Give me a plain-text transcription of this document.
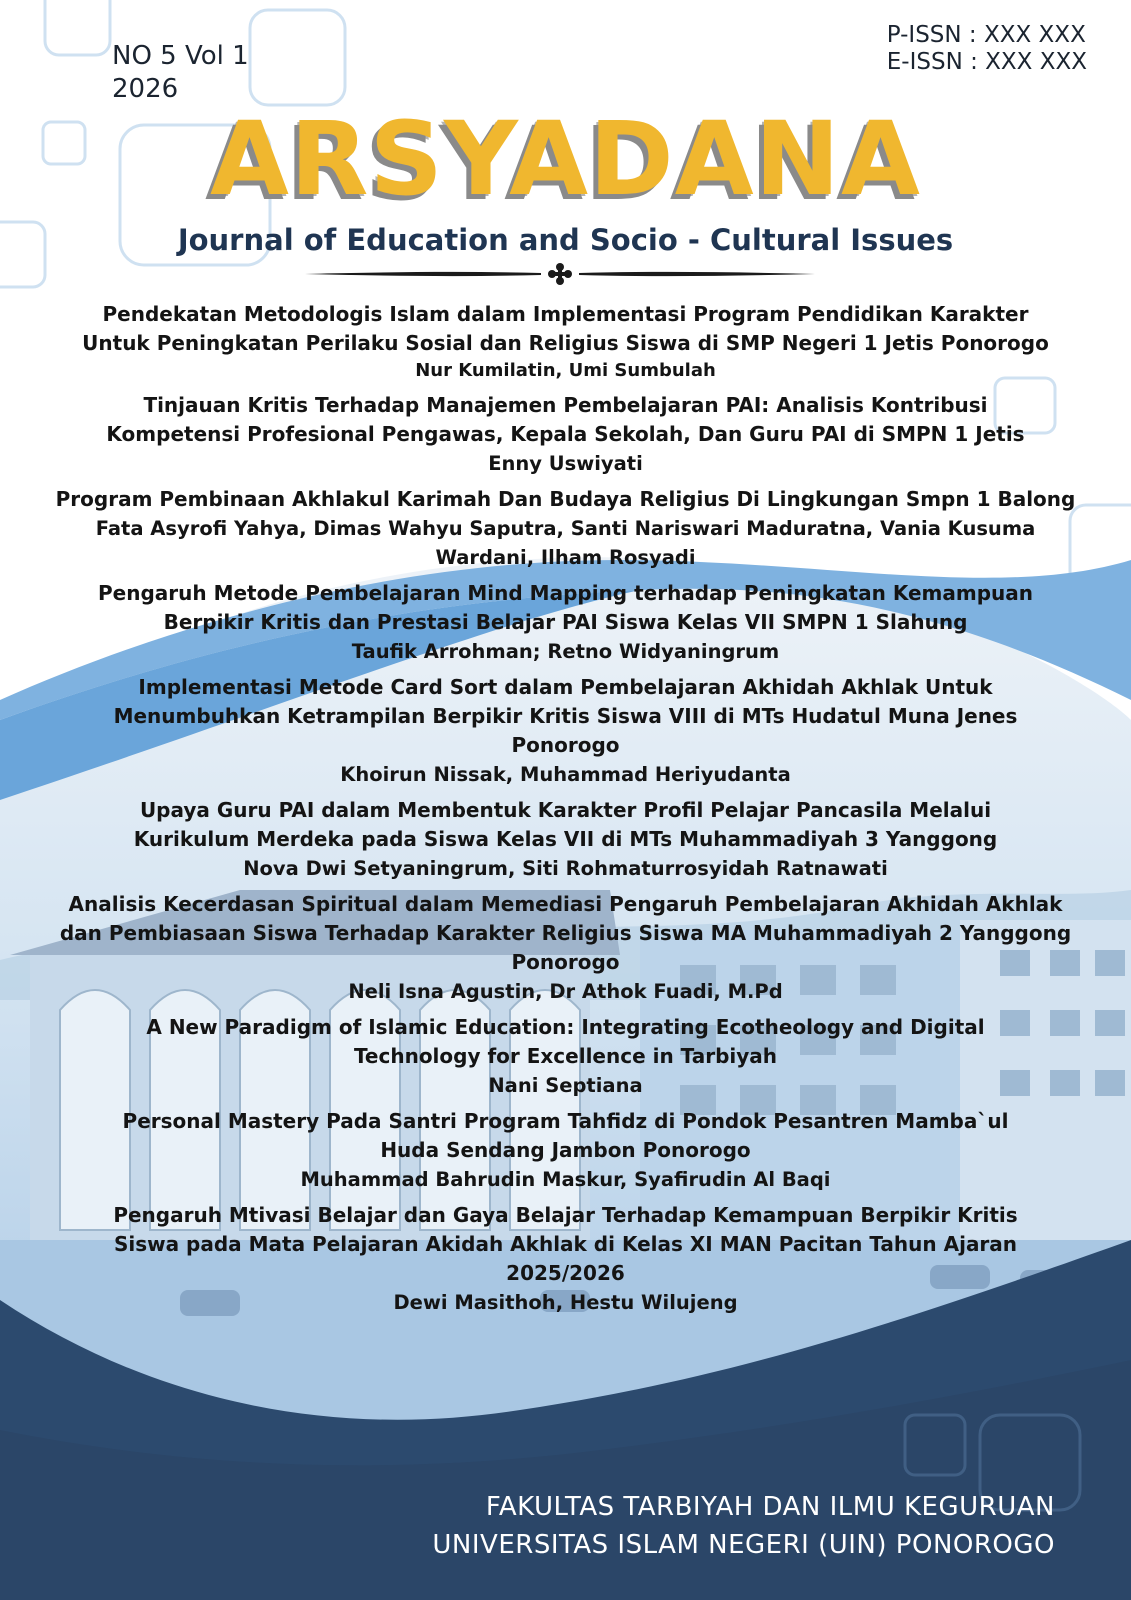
NO 5 Vol 1
2026
P-ISSN : XXX XXX
E-ISSN : XXX XXX
ARSYADANA
Journal of Education and Socio - Cultural Issues
Pendekatan Metodologis Islam dalam Implementasi Program Pendidikan Karakter
Untuk Peningkatan Perilaku Sosial dan Religius Siswa di SMP Negeri 1 Jetis Ponorogo
Nur Kumilatin, Umi Sumbulah
Tinjauan Kritis Terhadap Manajemen Pembelajaran PAI: Analisis Kontribusi
Kompetensi Profesional Pengawas, Kepala Sekolah, Dan Guru PAI di SMPN 1 Jetis
Enny Uswiyati
Program Pembinaan Akhlakul Karimah Dan Budaya Religius Di Lingkungan Smpn 1 Balong
Fata Asyrofi Yahya, Dimas Wahyu Saputra, Santi Nariswari Maduratna, Vania Kusuma
Wardani, Ilham Rosyadi
Pengaruh Metode Pembelajaran Mind Mapping terhadap Peningkatan Kemampuan
Berpikir Kritis dan Prestasi Belajar PAI Siswa Kelas VII SMPN 1 Slahung
Taufik Arrohman; Retno Widyaningrum
Implementasi Metode Card Sort dalam Pembelajaran Akhidah Akhlak Untuk
Menumbuhkan Ketrampilan Berpikir Kritis Siswa VIII di MTs Hudatul Muna Jenes
Ponorogo
Khoirun Nissak, Muhammad Heriyudanta
Upaya Guru PAI dalam Membentuk Karakter Profil Pelajar Pancasila Melalui
Kurikulum Merdeka pada Siswa Kelas VII di MTs Muhammadiyah 3 Yanggong
Nova Dwi Setyaningrum, Siti Rohmaturrosyidah Ratnawati
Analisis Kecerdasan Spiritual dalam Memediasi Pengaruh Pembelajaran Akhidah Akhlak
dan Pembiasaan Siswa Terhadap Karakter Religius Siswa MA Muhammadiyah 2 Yanggong
Ponorogo
Neli Isna Agustin, Dr Athok Fuadi, M.Pd
A New Paradigm of Islamic Education: Integrating Ecotheology and Digital
Technology for Excellence in Tarbiyah
Nani Septiana
Personal Mastery Pada Santri Program Tahfidz di Pondok Pesantren Mamba`ul
Huda Sendang Jambon Ponorogo
Muhammad Bahrudin Maskur, Syafirudin Al Baqi
Pengaruh Mtivasi Belajar dan Gaya Belajar Terhadap Kemampuan Berpikir Kritis
Siswa pada Mata Pelajaran Akidah Akhlak di Kelas XI MAN Pacitan Tahun Ajaran
2025/2026
Dewi Masithoh, Hestu Wilujeng
FAKULTAS TARBIYAH DAN ILMU KEGURUAN
UNIVERSITAS ISLAM NEGERI (UIN) PONOROGO
